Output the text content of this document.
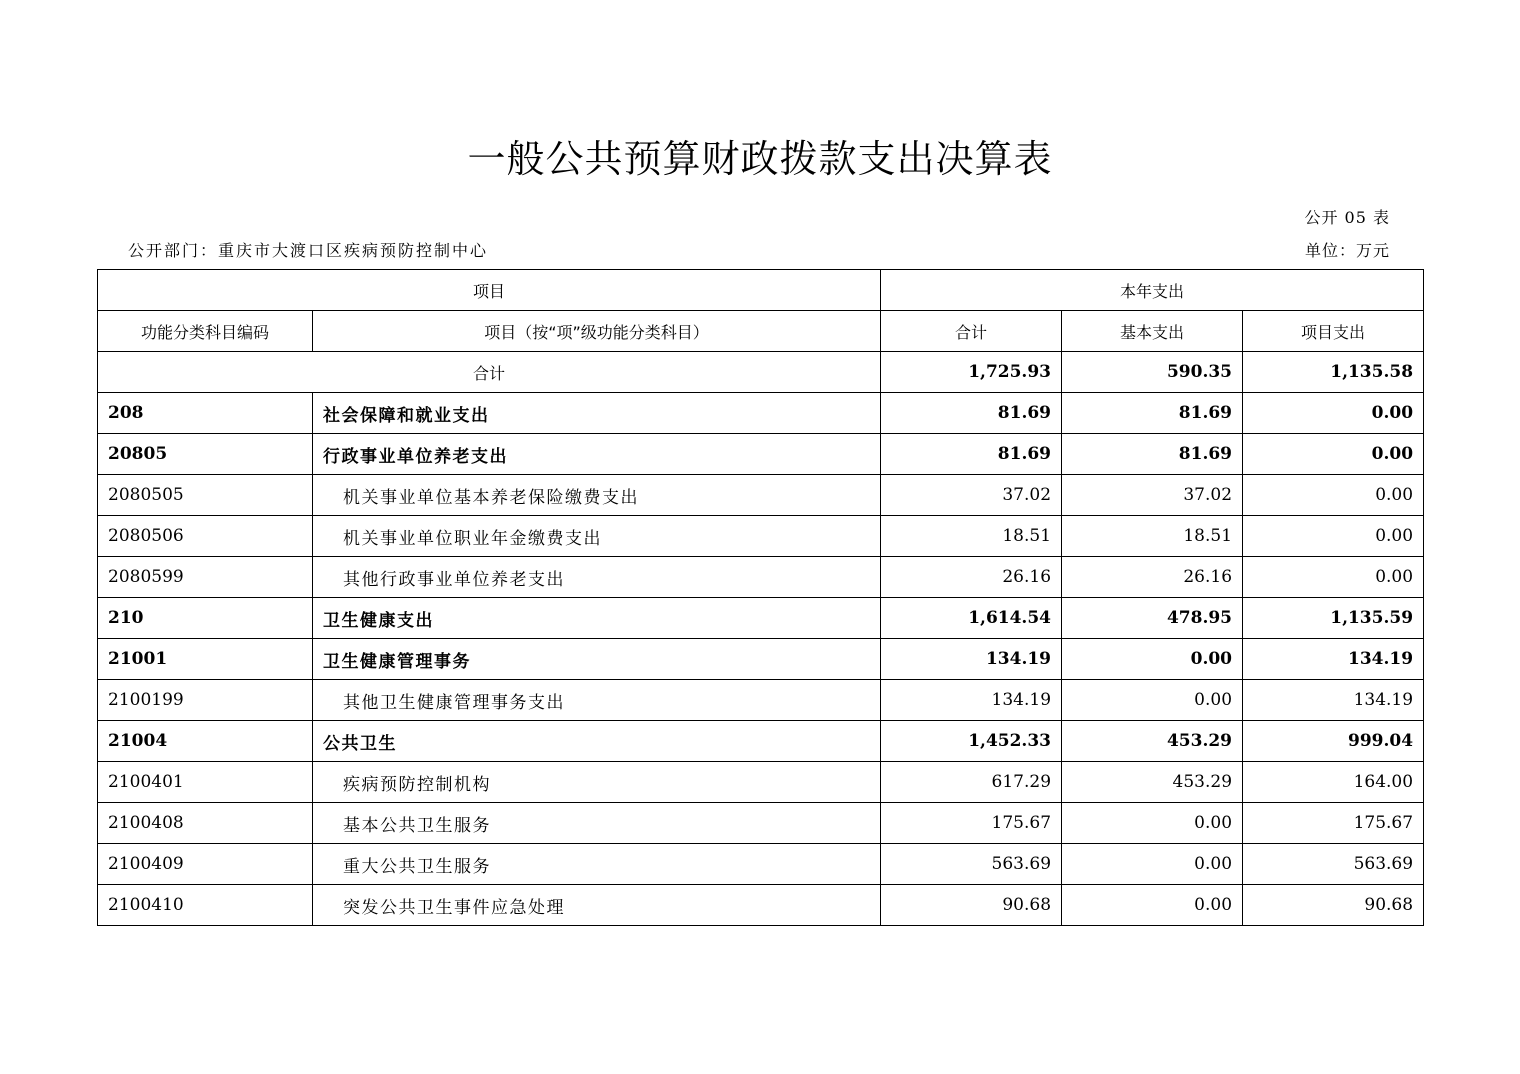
一般公共预算财政拨款支出决算表
公开 05 表
公开部门：重庆市大渡口区疾病预防控制中心	单位：万元
项目		本年支出		
功能分类科目编码	项目（按“项”级功能分类科目）	合计	基本支出	项目支出
合计		1,725.93	590.35	1,135.58
208	社会保障和就业支出	81.69	81.69	0.00
20805	行政事业单位养老支出	81.69	81.69	0.00
2080505	机关事业单位基本养老保险缴费支出	37.02	37.02	0.00
2080506	机关事业单位职业年金缴费支出	18.51	18.51	0.00
2080599	其他行政事业单位养老支出	26.16	26.16	0.00
210	卫生健康支出	1,614.54	478.95	1,135.59
21001	卫生健康管理事务	134.19	0.00	134.19
2100199	其他卫生健康管理事务支出	134.19	0.00	134.19
21004	公共卫生	1,452.33	453.29	999.04
2100401	疾病预防控制机构	617.29	453.29	164.00
2100408	基本公共卫生服务	175.67	0.00	175.67
2100409	重大公共卫生服务	563.69	0.00	563.69
2100410	突发公共卫生事件应急处理	90.68	0.00	90.68
